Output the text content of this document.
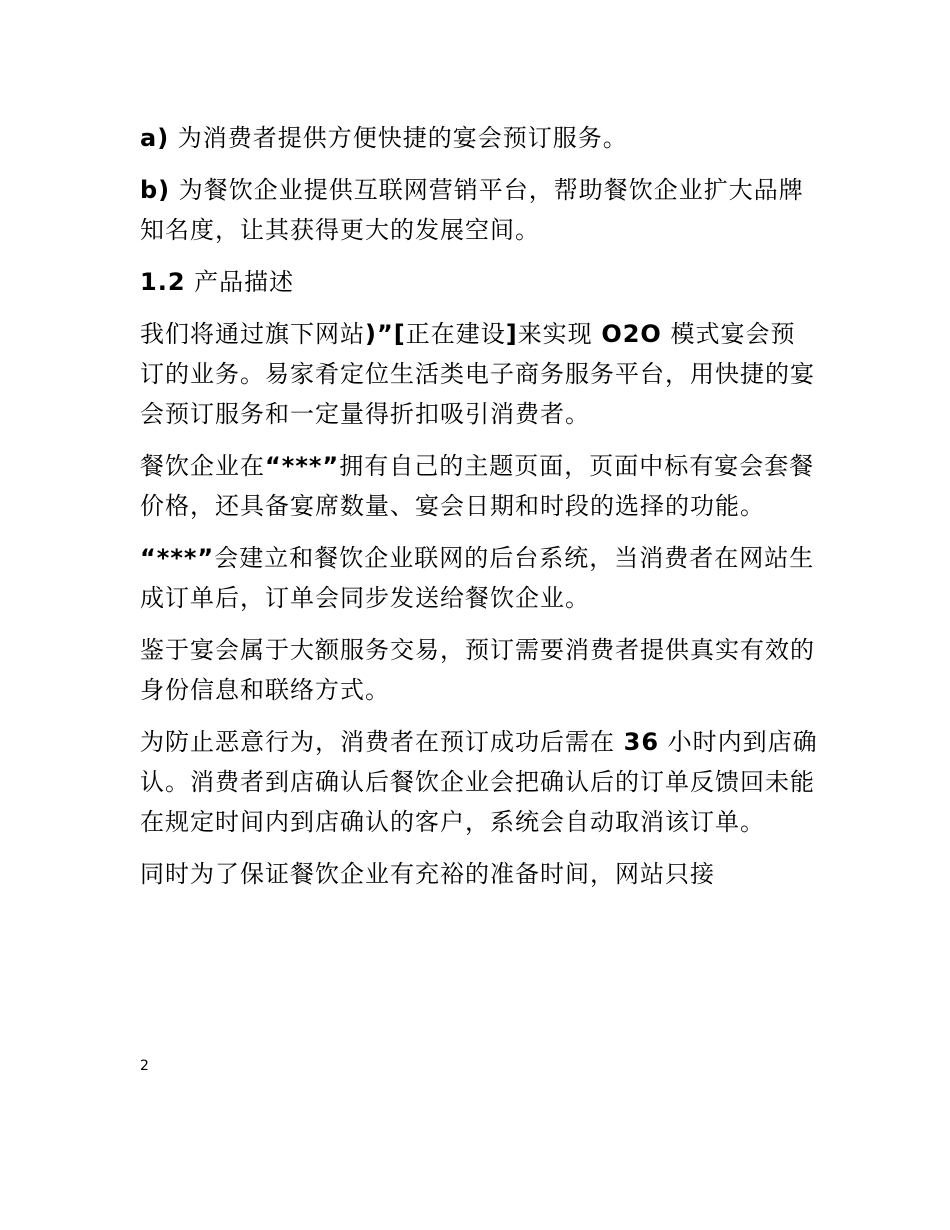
a) 为消费者提供方便快捷的宴会预订服务。

b) 为餐饮企业提供互联网营销平台，帮助餐饮企业扩大品牌知名度，让其获得更大的发展空间。

1.2 产品描述

我们将通过旗下网站)”[正在建设]来实现 O2O 模式宴会预订的业务。易家肴定位生活类电子商务服务平台，用快捷的宴会预订服务和一定量得折扣吸引消费者。

餐饮企业在“***”拥有自己的主题页面，页面中标有宴会套餐价格，还具备宴席数量、宴会日期和时段的选择的功能。

“***”会建立和餐饮企业联网的后台系统，当消费者在网站生成订单后，订单会同步发送给餐饮企业。

鉴于宴会属于大额服务交易，预订需要消费者提供真实有效的身份信息和联络方式。

为防止恶意行为，消费者在预订成功后需在 36 小时内到店确认。消费者到店确认后餐饮企业会把确认后的订单反馈回未能在规定时间内到店确认的客户，系统会自动取消该订单。

同时为了保证餐饮企业有充裕的准备时间，网站只接

2
